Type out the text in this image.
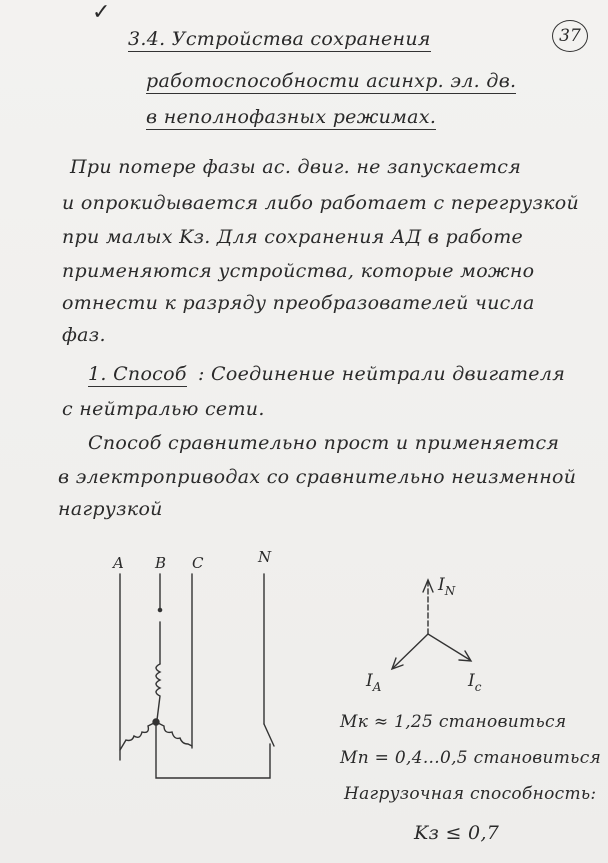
✓
37
3.4. Устройства сохранения
работоспособности асинхр. эл. дв.
в неполнофазных режимах.
При потере фазы ас. двиг. не запускается
и опрокидывается либо работает с перегрузкой
при малых Kз. Для сохранения АД в работе
применяются устройства, которые можно
отнести к разряду преобразователей числа
фаз.
1. Способ : Соединение нейтрали двигателя
с нейтралью сети.
Способ сравнительно прост и применяется
в электроприводах со сравнительно неизменной
нагрузкой
A B C	N
$I_N$
$I_A$	$I_c$
Mк ≈ 1,25 становиться
Mп = 0,4...0,5 становиться
Нагрузочная способность:
Kз ≤ 0,7
